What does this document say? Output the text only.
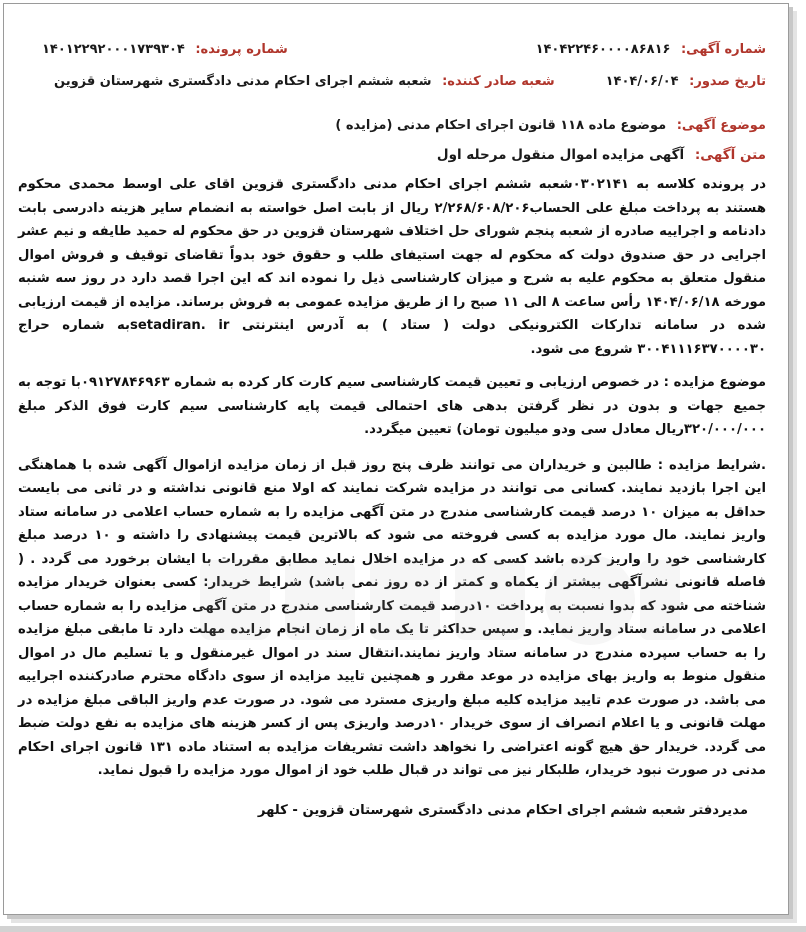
شماره آگهی: ۱۴۰۴۲۲۴۶۰۰۰۰۸۶۸۱۶
شماره پرونده: ۱۴۰۱۲۲۹۲۰۰۰۱۷۳۹۳۰۴
تاریخ صدور: ۱۴۰۴/۰۶/۰۴
شعبه صادر کننده: شعبه ششم اجرای احکام مدنی دادگستری شهرستان قزوین
موضوع آگهی: موضوع ماده ۱۱۸ قانون اجرای احکام مدنی (مزایده )
متن آگهی: آگهی مزایده اموال منقول مرحله اول

در پرونده کلاسه به ۰۳۰۲۱۴۱شعبه ششم اجرای احکام مدنی دادگستری قزوین اقای علی اوسط محمدی محکوم هستند به پرداخت مبلغ علی الحساب۲/۲۶۸/۶۰۸/۲۰۶ ریال از بابت اصل خواسته به انضمام سایر هزینه دادرسی بابت دادنامه و اجراییه صادره از شعبه پنجم شورای حل اختلاف شهرستان قزوین در حق محکوم له حمید طایفه و نیم عشر اجرایی در حق صندوق دولت که محکوم له جهت استیفای طلب و حقوق خود بدواً تقاضای توقیف و فروش اموال منقول متعلق به محکوم علیه به شرح و میزان کارشناسی ذیل را نموده اند که این اجرا قصد دارد در روز سه شنبه مورخه ۱۴۰۴/۰۶/۱۸ رأس ساعت ۸ الی ۱۱ صبح را از طریق مزایده عمومی به فروش برساند. مزایده از قیمت ارزیابی شده در سامانه تدارکات الکترونیکی دولت ( ستاد ) به آدرس اینترنتی setadiran. irبه شماره حراج ۳۰۰۴۱۱۱۶۳۷۰۰۰۰۳۰ شروع می شود.

موضوع مزایده : در خصوص ارزیابی و تعیین قیمت کارشناسی سیم کارت کار کرده به شماره ۰۹۱۲۷۸۴۶۹۶۳با توجه به جمیع جهات و بدون در نظر گرفتن بدهی های احتمالی قیمت پایه کارشناسی سیم کارت فوق الذکر مبلغ ۳۲۰/۰۰۰/۰۰۰ریال معادل سی ودو میلیون تومان) تعیین میگردد.

.شرایط مزایده : طالبین و خریداران می توانند ظرف پنج روز قبل از زمان مزایده ازاموال آگهی شده با هماهنگی این اجرا بازدید نمایند. کسانی می توانند در مزایده شرکت نمایند که اولا منع قانونی نداشته و در ثانی می بایست حداقل به میزان ۱۰ درصد قیمت کارشناسی مندرج در متن آگهی مزایده را به شماره حساب اعلامی در سامانه ستاد واریز نمایند. مال مورد مزایده به کسی فروخته می شود که بالاترین قیمت پیشنهادی را داشته و ۱۰ درصد مبلغ کارشناسی خود را واریز کرده باشد کسی که در مزایده اخلال نماید مطابق مقررات با ایشان برخورد می گردد . ( فاصله قانونی نشرآگهی بیشتر از یکماه و کمتر از ده روز نمی باشد) شرایط خریدار: کسی بعنوان خریدار مزایده شناخته می شود که بدوا نسبت به پرداخت ۱۰درصد قیمت کارشناسی مندرج در متن آگهی مزایده را به شماره حساب اعلامی در سامانه ستاد واریز نماید. و سپس حداکثر تا یک ماه از زمان انجام مزایده مهلت دارد تا مابقی مبلغ مزایده را به حساب سپرده مندرج در سامانه ستاد واریز نمایند.انتقال سند در اموال غیرمنقول و یا تسلیم مال در اموال منقول منوط به واریز بهای مزایده در موعد مقرر و همچنین تایید مزایده از سوی دادگاه محترم صادرکننده اجراییه می باشد. در صورت عدم تایید مزایده کلیه مبلغ واریزی مسترد می شود. در صورت عدم واریز الباقی مبلغ مزایده در مهلت قانونی و یا اعلام انصراف از سوی خریدار ۱۰درصد واریزی پس از کسر هزینه های مزایده به نفع دولت ضبط می گردد. خریدار حق هیچ گونه اعتراضی را نخواهد داشت تشریفات مزایده به استناد ماده ۱۳۱ قانون اجرای احکام مدنی در صورت نبود خریدار، طلبکار نیز می تواند در قبال طلب خود از اموال مورد مزایده را قبول نماید.

مدیردفتر شعبه ششم اجرای احکام مدنی دادگستری شهرستان قزوین - کلهر
